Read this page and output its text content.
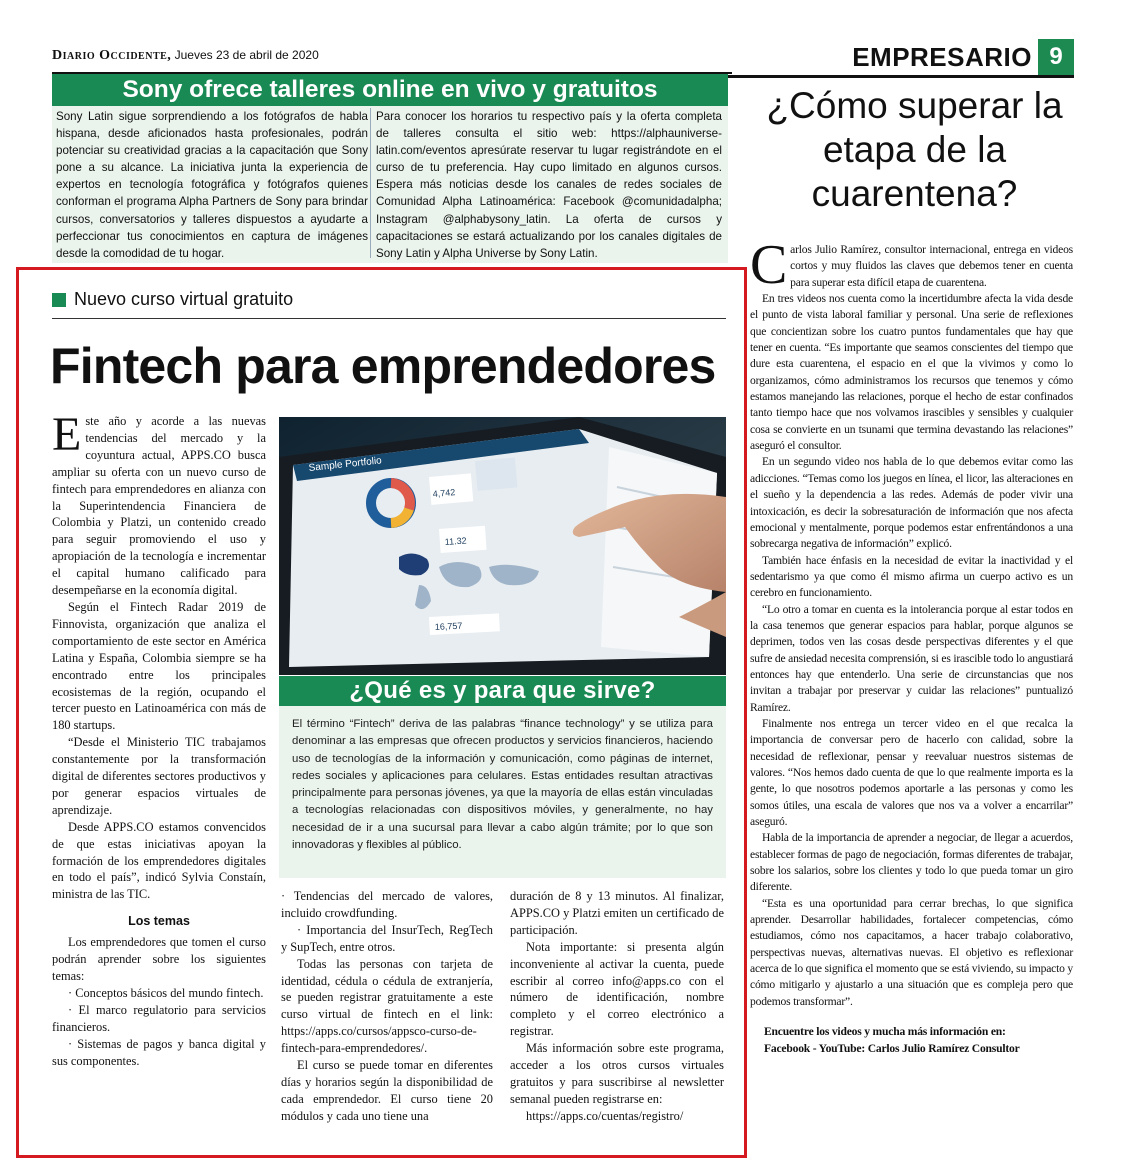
Diario Occidente, Jueves 23 de abril de 2020	EMPRESARIO 9
Sony ofrece talleres online en vivo y gratuitos
Sony Latin sigue sorprendiendo a los fotógrafos de habla hispana, desde aficionados hasta profesionales, podrán potenciar su creatividad gracias a la capacitación que Sony pone a su alcance. La iniciativa junta la experiencia de expertos en tecnología fotográfica y fotógrafos quienes conforman el programa Alpha Partners de Sony para brindar cursos, conversatorios y talleres dispuestos a ayudarte a perfeccionar tus conocimientos en captura de imágenes desde la comodidad de tu hogar.
Para conocer los horarios tu respectivo país y la oferta completa de talleres consulta el sitio web: https://alphauniverse-latin.com/eventos apresúrate reservar tu lugar registrándote en el curso de tu preferencia. Hay cupo limitado en algunos cursos. Espera más noticias desde los canales de redes sociales de Comunidad Alpha Latinoamérica: Facebook @comunidadalpha; Instagram @alphabysony_latin. La oferta de cursos y capacitaciones se estará actualizando por los canales digitales de Sony Latin y Alpha Universe by Sony Latin.
Nuevo curso virtual gratuito
Fintech para emprendedores

Este año y acorde a las nuevas tendencias del mercado y la coyuntura actual, APPS.CO busca ampliar su oferta con un nuevo curso de fintech para emprendedores en alianza con la Superintendencia Financiera de Colombia y Platzi, un contenido creado para seguir promoviendo el uso y apropiación de la tecnología e incrementar el capital humano calificado para desempeñarse en la economía digital.

Según el Fintech Radar 2019 de Finnovista, organización que analiza el comportamiento de este sector en América Latina y España, Colombia siempre se ha encontrado entre los principales ecosistemas de la región, ocupando el tercer puesto en Latinoamérica con más de 180 startups.

“Desde el Ministerio TIC trabajamos constantemente por la transformación digital de diferentes sectores productivos y por generar espacios virtuales de aprendizaje.

Desde APPS.CO estamos convencidos de que estas iniciativas apoyan la formación de los emprendedores digitales en todo el país”, indicó Sylvia Constaín, ministra de las TIC.

Los temas

Los emprendedores que tomen el curso podrán aprender sobre los siguientes temas:

· Conceptos básicos del mundo fintech.

· El marco regulatorio para servicios financieros.

· Sistemas de pagos y banca digital y sus componentes.

Sample Portfolio
4,742
11.32
16,757
¿Qué es y para que sirve?
El término “Fintech” deriva de las palabras “finance technology” y se utiliza para denominar a las empresas que ofrecen productos y servicios financieros, haciendo uso de tecnologías de la información y comunicación, como páginas de internet, redes sociales y aplicaciones para celulares. Estas entidades resultan atractivas principalmente para personas jóvenes, ya que la mayoría de ellas están vinculadas a tecnologías relacionadas con dispositivos móviles, y generalmente, no hay necesidad de ir a una sucursal para llevar a cabo algún trámite; por lo que son innovadoras y flexibles al público.

· Tendencias del mercado de valores, incluido crowdfunding.

· Importancia del InsurTech, RegTech y SupTech, entre otros.

Todas las personas con tarjeta de identidad, cédula o cédula de extranjería, se pueden registrar gratuitamente a este curso virtual de fintech en el link: https://apps.co/cursos/appsco-curso-de-fintech-para-emprendedores/.

El curso se puede tomar en diferentes días y horarios según la disponibilidad de cada emprendedor. El curso tiene 20 módulos y cada uno tiene una

duración de 8 y 13 minutos. Al finalizar, APPS.CO y Platzi emiten un certificado de participación.

Nota importante: si presenta algún inconveniente al activar la cuenta, puede escribir al correo info@apps.co con el número de identificación, nombre completo y el correo electrónico a registrar.

Más información sobre este programa, acceder a los otros cursos virtuales gratuitos y para suscribirse al newsletter semanal pueden registrarse en:

https://apps.co/cuentas/registro/

¿Cómo superar la etapa de la cuarentena?

Carlos Julio Ramírez, consultor internacional, entrega en videos cortos y muy fluidos las claves que debemos tener en cuenta para superar esta difícil etapa de cuarentena.

En tres videos nos cuenta como la incertidumbre afecta la vida desde el punto de vista laboral familiar y personal. Una serie de reflexiones que concientizan sobre los cuatro puntos fundamentales que hay que tener en cuenta. “Es importante que seamos conscientes del tiempo que dure esta cuarentena, el espacio en el que la vivimos y como lo organizamos, cómo administramos los recursos que tenemos y cómo estamos manejando las relaciones, porque el hecho de estar confinados tanto tiempo hace que nos volvamos irascibles y sensibles y cualquier cosa se convierte en un tsunami que termina devastando las relaciones” aseguró el consultor.

En un segundo video nos habla de lo que debemos evitar como las adicciones. “Temas como los juegos en línea, el licor, las alteraciones en el sueño y la dependencia a las redes. Además de poder vivir una intoxicación, es decir la sobresaturación de información que nos afecta emocional y mentalmente, porque podemos estar enfrentándonos a una sobrecarga negativa de información” explicó.

También hace énfasis en la necesidad de evitar la inactividad y el sedentarismo ya que como él mismo afirma un cuerpo activo es un cerebro en funcionamiento.

“Lo otro a tomar en cuenta es la intolerancia porque al estar todos en la casa tenemos que generar espacios para hablar, porque algunos se deprimen, todos ven las cosas desde perspectivas diferentes y el que sufre de ansiedad necesita comprensión, si es irascible todo lo angustiará entonces hay que entenderlo. Una serie de circunstancias que nos invitan a trabajar por preservar y cuidar las relaciones” puntualizó Ramírez.

Finalmente nos entrega un tercer video en el que recalca la importancia de conversar pero de hacerlo con calidad, sobre la necesidad de reflexionar, pensar y reevaluar nuestros sistemas de valores. “Nos hemos dado cuenta de que lo que realmente importa es la gente, lo que nosotros podemos aportarle a las personas y como les somos útiles, una escala de valores que nos va a volver a encarrilar” aseguró.

Habla de la importancia de aprender a negociar, de llegar a acuerdos, establecer formas de pago de negociación, formas diferentes de trabajar, sobre los salarios, sobre los clientes y todo lo que pueda tomar un giro diferente.

“Esta es una oportunidad para cerrar brechas, lo que significa aprender. Desarrollar habilidades, fortalecer competencias, cómo estudiamos, cómo nos capacitamos, a hacer trabajo colaborativo, perspectivas nuevas, alternativas nuevas. El objetivo es reflexionar acerca de lo que significa el momento que se está viviendo, su impacto y cómo mitigarlo y ajustarlo a una situación que es compleja pero que podemos transformar”.

Encuentre los videos y mucha más información en:
Facebook - YouTube: Carlos Julio Ramírez Consultor
